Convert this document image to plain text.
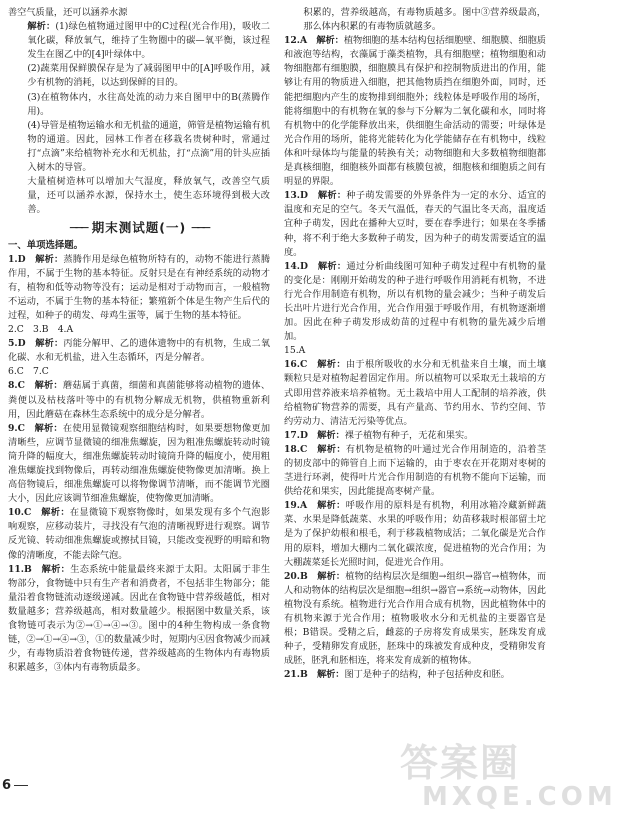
善空气质量，还可以涵养水源

解析：(1)绿色植物通过图甲中的C过程(光合作用)，吸收二氧化碳，释放氧气，维持了生物圈中的碳—氧平衡，该过程发生在图乙中的[4]叶绿体中。

(2)蔬菜用保鲜膜保存是为了减弱图甲中的[A]呼吸作用，减少有机物的消耗，以达到保鲜的目的。

(3)在植物体内，水往高处流的动力来自图甲中的B(蒸腾作用)。

(4)导管是植物运输水和无机盐的通道，筛管是植物运输有机物的通道。因此，园林工作者在移栽名贵树种时，常通过打“点滴”来给植物补充水和无机盐，打“点滴”用的针头应插入树木的导管。

大量植树造林可以增加大气湿度，释放氧气，改善空气质量，还可以涵养水源，保持水土，使生态环境得到极大改善。

─── 期末测试题(一) ───

一、单项选择题。

1.D　 解析：蒸腾作用是绿色植物所特有的，动物不能进行蒸腾作用，不属于生物的基本特征。反射只是在有神经系统的动物才有，植物和低等动物等没有；运动是相对于动物而言，一般植物不运动，不属于生物的基本特征；繁殖新个体是生物产生后代的过程，如种子的萌发、母鸡生蛋等，属于生物的基本特征。

2.C　3.B　4.A

5.D　 解析：丙能分解甲、乙的遗体遗物中的有机物，生成二氧化碳、水和无机盐，进入生态循环，丙是分解者。

6.C　7.C

8.C　 解析：蘑菇属于真菌，细菌和真菌能够将动植物的遗体、粪便以及枯枝落叶等中的有机物分解成无机物，供植物重新利用，因此蘑菇在森林生态系统中的成分是分解者。

9.C　 解析：在使用显微镜观察细胞结构时，如果要想物像更加清晰些，应调节显微镜的细准焦螺旋，因为粗准焦螺旋转动时镜筒升降的幅度大，细准焦螺旋转动时镜筒升降的幅度小，使用粗准焦螺旋找到物像后，再转动细准焦螺旋使物像更加清晰。换上高倍物镜后，细准焦螺旋可以将物像调节清晰，而不能调节光圈大小，因此应该调节细准焦螺旋，使物像更加清晰。

10.C　 解析：在显微镜下观察物像时，如果发现有多个气泡影响观察，应移动装片，寻找没有气泡的清晰视野进行观察。调节反光镜、转动细准焦螺旋或擦拭目镜，只能改变视野的明暗和物像的清晰度，不能去除气泡。

11.B　 解析：生态系统中能量最终来源于太阳。太阳属于非生物部分，食物链中只有生产者和消费者，不包括非生物部分；能量沿着食物链流动逐级递减。因此在食物链中营养级越低，相对数量越多；营养级越高，相对数量越少。根据图中数量关系，该食物链可表示为②→①→④→③。图中的4种生物构成一条食物链，②→①→④→③，①的数量减少时，短期内④因食物减少而减少，有毒物质沿着食物链传递，营养级越高的生物体内有毒物质积累越多，③体内有毒物质最多。

积累的，营养级越高，有毒物质越多。图中③营养级最高，那么体内积累的有毒物质就越多。

12.A　 解析：植物细胞的基本结构包括细胞壁、细胞膜、细胞质和液泡等结构，衣藻属于藻类植物，具有细胞壁；植物细胞和动物细胞都有细胞膜，细胞膜具有保护和控制物质进出的作用，能够让有用的物质进入细胞，把其他物质挡在细胞外面，同时，还能把细胞内产生的废物排到细胞外；线粒体是呼吸作用的场所，能将细胞中的有机物在氧的参与下分解为二氧化碳和水，同时将有机物中的化学能释放出来，供细胞生命活动的需要；叶绿体是光合作用的场所，能将光能转化为化学能储存在有机物中，线粒体和叶绿体均与能量的转换有关；动物细胞和大多数植物细胞都是真核细胞，细胞核外面都有核膜包被，细胞核和细胞质之间有明显的界限。

13.D　 解析：种子萌发需要的外界条件为一定的水分、适宜的温度和充足的空气。冬天气温低，春天的气温比冬天高，温度适宜种子萌发，因此在播种大豆时，要在春季进行；如果在冬季播种，将不利于绝大多数种子萌发，因为种子的萌发需要适宜的温度。

14.D　 解析：通过分析曲线图可知种子萌发过程中有机物的量的变化是：刚刚开始萌发的种子进行呼吸作用消耗有机物，不进行光合作用制造有机物，所以有机物的量会减少；当种子萌发后长出叶片进行光合作用，光合作用强于呼吸作用，有机物逐渐增加。因此在种子萌发形成幼苗的过程中有机物的量先减少后增加。

15.A

16.C　 解析：由于根所吸收的水分和无机盐来自土壤，而土壤颗粒只是对植物起着固定作用。所以植物可以采取无土栽培的方式即用营养液来培养植物。无土栽培中用人工配制的培养液，供给植物矿物营养的需要，具有产量高、节约用水、节约空间、节约劳动力、清洁无污染等优点。

17.D　 解析：裸子植物有种子，无花和果实。

18.C　 解析：有机物是植物的叶通过光合作用制造的，沿着茎的韧皮部中的筛管自上而下运输的，由于枣农在开花期对枣树的茎进行环剥，使得叶片光合作用制造的有机物不能向下运输，而供给花和果实，因此能提高枣树产量。

19.A　 解析：呼吸作用的原料是有机物，利用冰箱冷藏新鲜蔬菜、水果是降低蔬菜、水果的呼吸作用；幼苗移栽时根部留土坨是为了保护幼根和根毛，利于移栽植物成活；二氧化碳是光合作用的原料，增加大棚内二氧化碳浓度，促进植物的光合作用；为大棚蔬菜延长光照时间，促进光合作用。

20.B　 解析：植物的结构层次是细胞→组织→器官→植物体，而人和动物体的结构层次是细胞→组织→器官→系统→动物体，因此植物没有系统。植物进行光合作用合成有机物，因此植物体中的有机物来源于光合作用；植物吸收水分和无机盐的主要器官是根；B错误。受精之后，雌蕊的子房将发育成果实，胚珠发育成种子，受精卵发育成胚，胚珠中的珠被发育成种皮，受精卵发育成胚，胚乳和胚相连，将来发育成新的植物体。

21.B　 解析：图丁是种子的结构，种子包括种皮和胚。

6
答案圈
MXQE.COM
